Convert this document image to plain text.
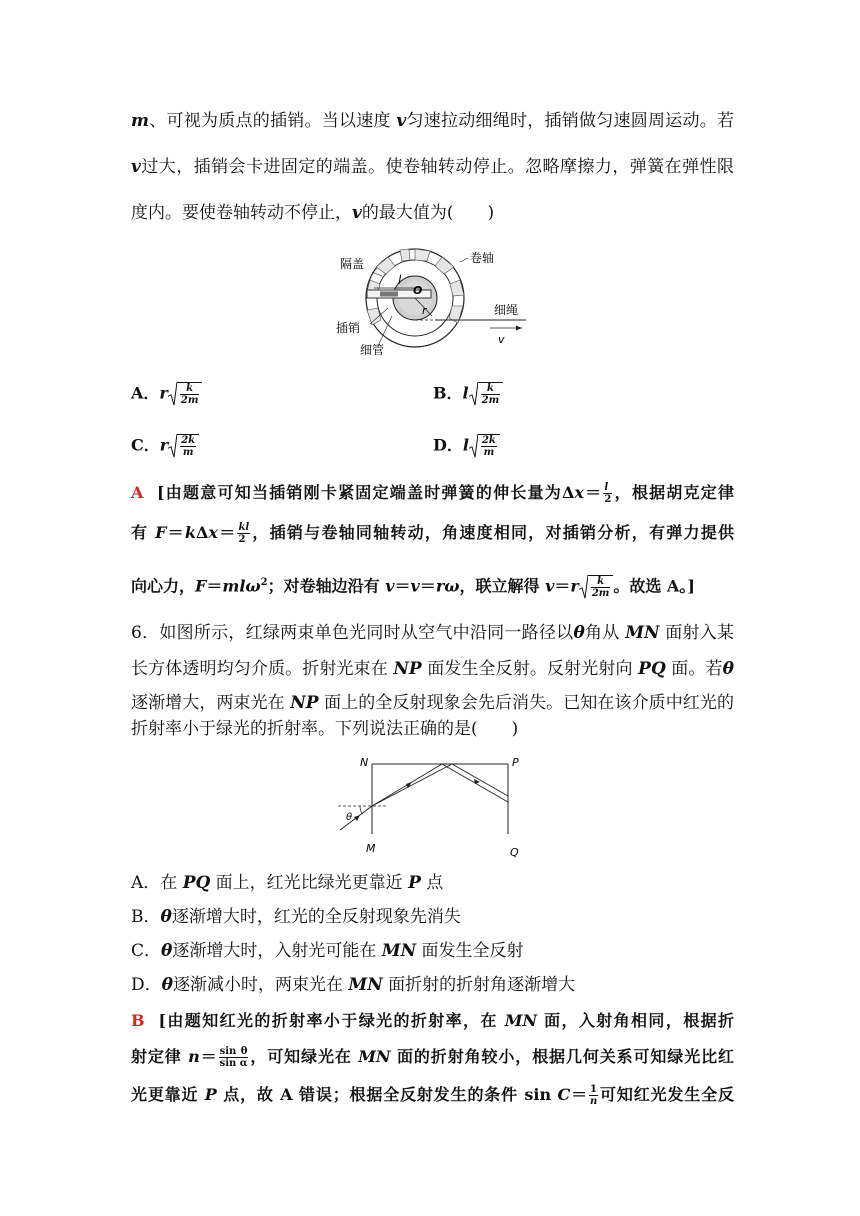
m、可视为质点的插销。当以速度 v匀速拉动细绳时，插销做匀速圆周运动。若
v过大，插销会卡进固定的端盖。使卷轴转动停止。忽略摩擦力，弹簧在弹性限
度内。要使卷轴转动不停止，v的最大值为(　　)
隔盖	卷轴
l
O
r	细绳
v
插销
细管
A．r $\frac{k}{2m}$	B．l $\frac{k}{2m}$
C．r $\frac{2k}{m}$	D．l $\frac{2k}{m}$
A [由题意可知当插销刚卡紧固定端盖时弹簧的伸长量为$\Delta x= \frac{l}{2}$ ，根据胡克定律
有 $F=k\Delta x= \frac{kl}{2}$ ，插销与卷轴同轴转动，角速度相同，对插销分析，有弹力提供
向心力，F＝mlω$^2$；对卷轴边沿有 v＝v＝rω，联立解得 $v=r \frac{k}{2m}$ 。故选 A。]
6．如图所示，红绿两束单色光同时从空气中沿同一路径以θ角从 MN 面射入某
长方体透明均匀介质。折射光束在 NP 面发生全反射。反射光射向 PQ 面。若θ
逐渐增大，两束光在 NP 面上的全反射现象会先后消失。已知在该介质中红光的
折射率小于绿光的折射率。下列说法正确的是(　　)
N	P
M	Q
θ
A．在 PQ 面上，红光比绿光更靠近 P 点
B．θ逐渐增大时，红光的全反射现象先消失
C．θ逐渐增大时，入射光可能在 MN 面发生全反射
D．θ逐渐减小时，两束光在 MN 面折射的折射角逐渐增大
B [由题知红光的折射率小于绿光的折射率，在 MN 面，入射角相同，根据折
射定律 $n= \frac{\text{sin θ}}{\text{sin α}}$ ，可知绿光在 MN 面的折射角较小，根据几何关系可知绿光比红
光更靠近 P 点，故 A 错误；根据全反射发生的条件 $\sin C= \frac{1}{n}$ 可知红光发生全反
